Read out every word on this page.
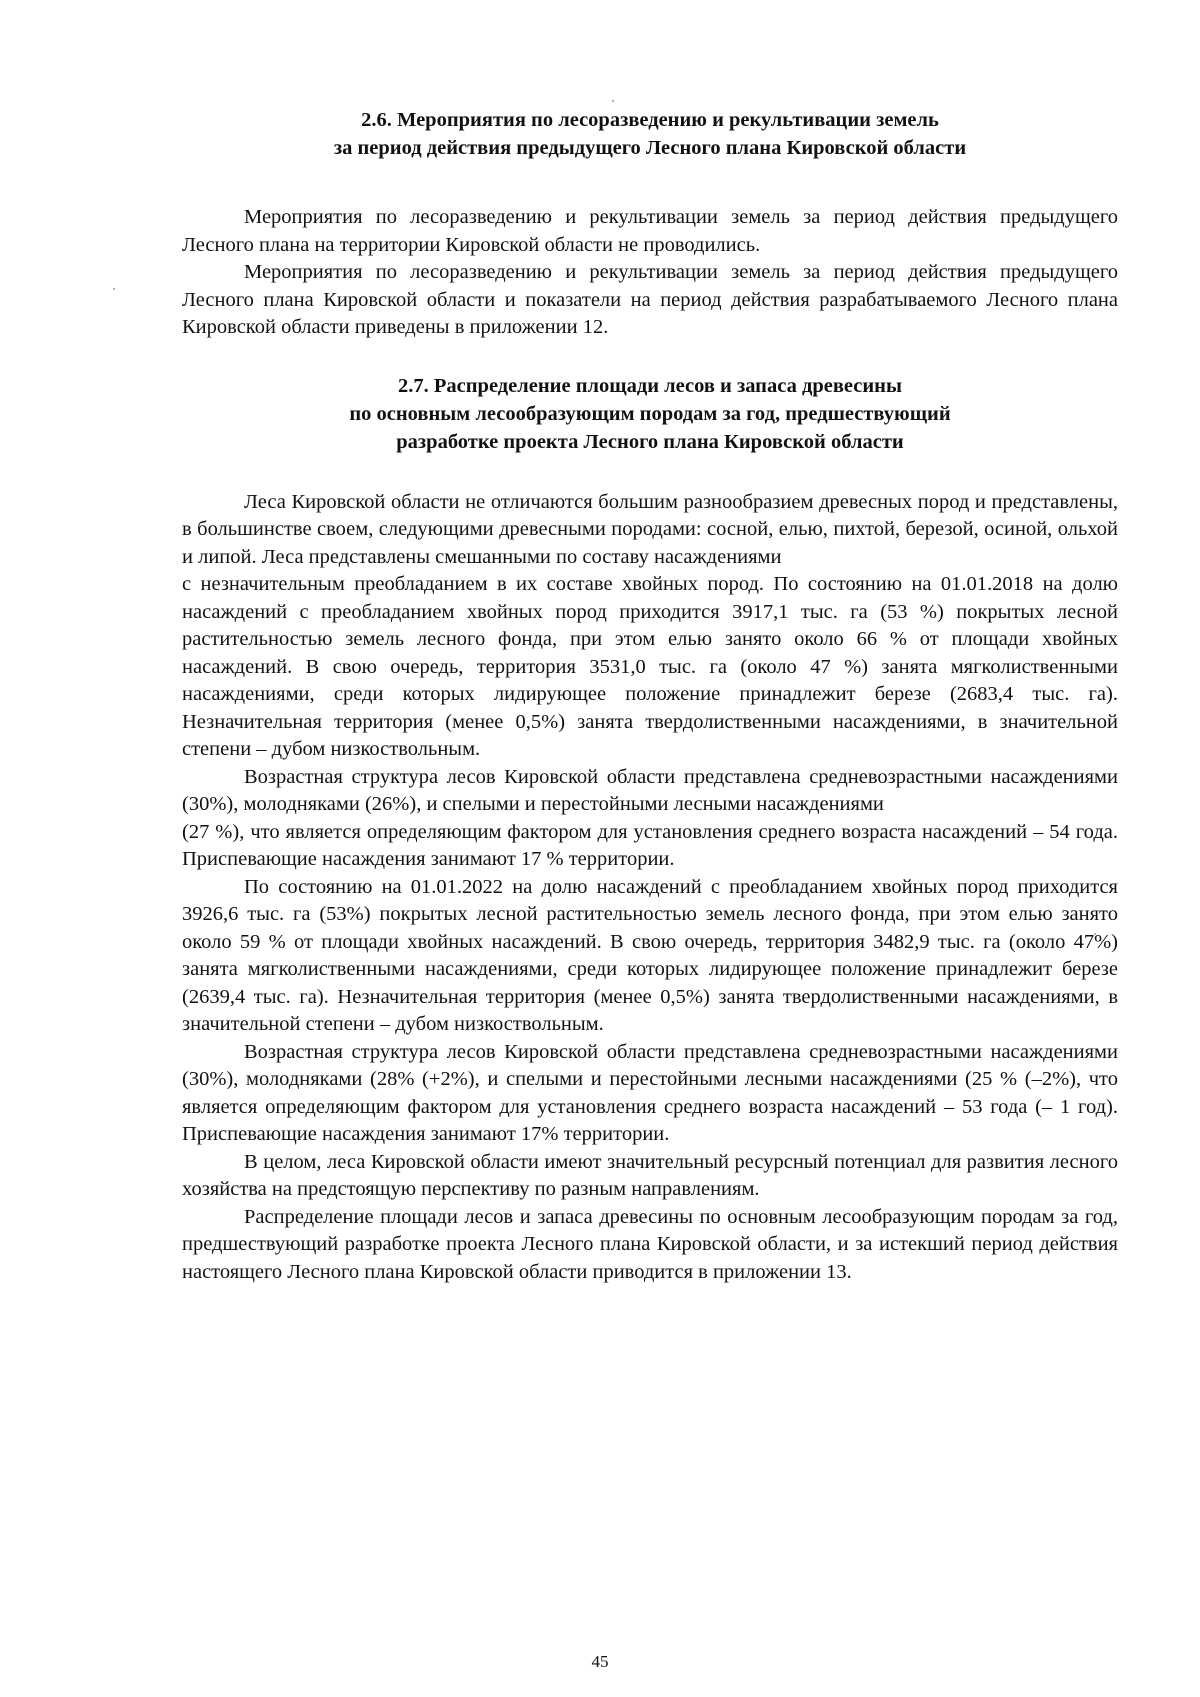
2.6. Мероприятия по лесоразведению и рекультивации земель
за период действия предыдущего Лесного плана Кировской области

Мероприятия по лесоразведению и рекультивации земель за период действия предыдущего Лесного плана на территории Кировской области не проводились.

Мероприятия по лесоразведению и рекультивации земель за период действия предыдущего Лесного плана Кировской области и показатели на период действия разрабатываемого Лесного плана Кировской области приведены в приложении 12.

2.7. Распределение площади лесов и запаса древесины
по основным лесообразующим породам за год, предшествующий
разработке проекта Лесного плана Кировской области

Леса Кировской области не отличаются большим разнообразием древесных пород и представлены, в большинстве своем, следующими древесными породами: сосной, елью, пихтой, березой, осиной, ольхой и липой. Леса представлены смешанными по составу насаждениями

с незначительным преобладанием в их составе хвойных пород. По состоянию на 01.01.2018 на долю насаждений с преобладанием хвойных пород приходится 3917,1 тыс. га (53 %) покрытых лесной растительностью земель лесного фонда, при этом елью занято около 66 % от площади хвойных насаждений. В свою очередь, территория 3531,0 тыс. га (около 47 %) занята мягколиственными насаждениями, среди которых лидирующее положение принадлежит березе (2683,4 тыс. га). Незначительная территория (менее 0,5%) занята твердолиственными насаждениями, в значительной степени – дубом низкоствольным.

Возрастная структура лесов Кировской области представлена средневозрастными насаждениями (30%), молодняками (26%), и спелыми и перестойными лесными насаждениями

(27 %), что является определяющим фактором для установления среднего возраста насаждений – 54 года. Приспевающие насаждения занимают 17 % территории.

По состоянию на 01.01.2022 на долю насаждений с преобладанием хвойных пород приходится 3926,6 тыс. га (53%) покрытых лесной растительностью земель лесного фонда, при этом елью занято около 59 % от площади хвойных насаждений. В свою очередь, территория 3482,9 тыс. га (около 47%) занята мягколиственными насаждениями, среди которых лидирующее положение принадлежит березе (2639,4 тыс. га). Незначительная территория (менее 0,5%) занята твердолиственными насаждениями, в значительной степени – дубом низкоствольным.

Возрастная структура лесов Кировской области представлена средневозрастными насаждениями (30%), молодняками (28% (+2%), и спелыми и перестойными лесными насаждениями (25 % (–2%), что является определяющим фактором для установления среднего возраста насаждений – 53 года (– 1 год). Приспевающие насаждения занимают 17% территории.

В целом, леса Кировской области имеют значительный ресурсный потенциал для развития лесного хозяйства на предстоящую перспективу по разным направлениям.

Распределение площади лесов и запаса древесины по основным лесообразующим породам за год, предшествующий разработке проекта Лесного плана Кировской области, и за истекший период действия настоящего Лесного плана Кировской области приводится в приложении 13.

45
